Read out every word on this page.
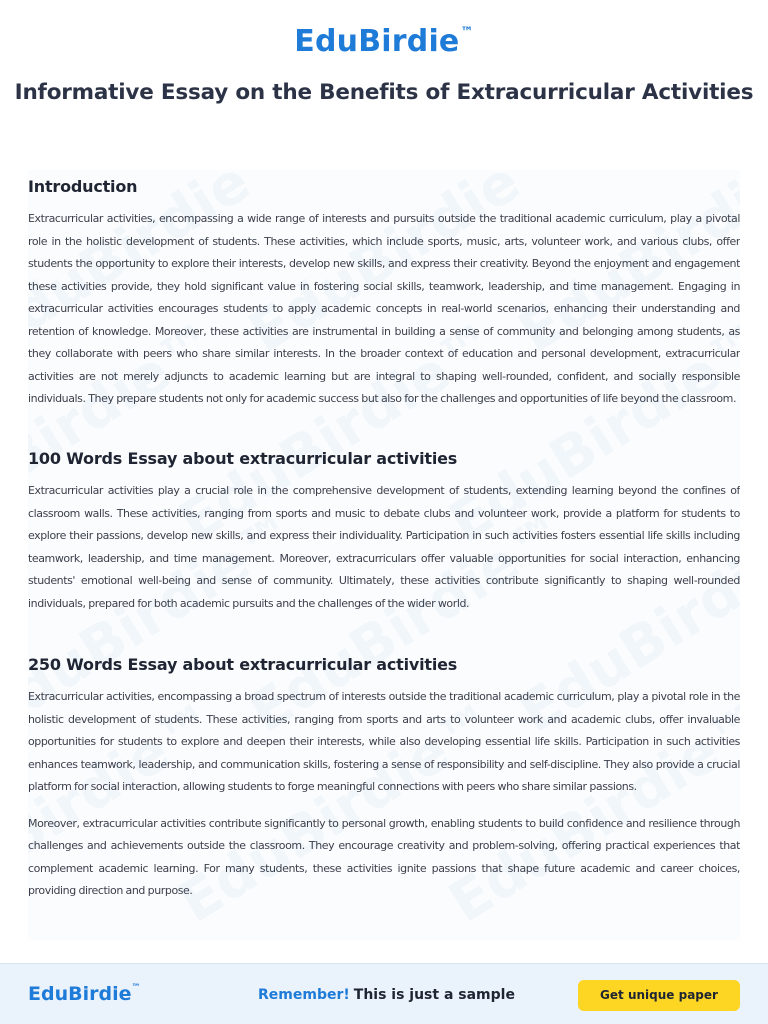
EduBirdie™
Informative Essay on the Benefits of Extracurricular Activities
Introduction

Extracurricular activities, encompassing a wide range of interests and pursuits outside the traditional academic curriculum, play a pivotal role in the holistic development of students. These activities, which include sports, music, arts, volunteer work, and various clubs, offer students the opportunity to explore their interests, develop new skills, and express their creativity. Beyond the enjoyment and engagement these activities provide, they hold significant value in fostering social skills, teamwork, leadership, and time management. Engaging in extracurricular activities encourages students to apply academic concepts in real-world scenarios, enhancing their understanding and retention of knowledge. Moreover, these activities are instrumental in building a sense of community and belonging among students, as they collaborate with peers who share similar interests. In the broader context of education and personal development, extracurricular activities are not merely adjuncts to academic learning but are integral to shaping well-rounded, confident, and socially responsible individuals. They prepare students not only for academic success but also for the challenges and opportunities of life beyond the classroom.

100 Words Essay about extracurricular activities

Extracurricular activities play a crucial role in the comprehensive development of students, extending learning beyond the confines of classroom walls. These activities, ranging from sports and music to debate clubs and volunteer work, provide a platform for students to explore their passions, develop new skills, and express their individuality. Participation in such activities fosters essential life skills including teamwork, leadership, and time management. Moreover, extracurriculars offer valuable opportunities for social interaction, enhancing students' emotional well-being and sense of community. Ultimately, these activities contribute significantly to shaping well-rounded individuals, prepared for both academic pursuits and the challenges of the wider world.

250 Words Essay about extracurricular activities

Extracurricular activities, encompassing a broad spectrum of interests outside the traditional academic curriculum, play a pivotal role in the holistic development of students. These activities, ranging from sports and arts to volunteer work and academic clubs, offer invaluable opportunities for students to explore and deepen their interests, while also developing essential life skills. Participation in such activities enhances teamwork, leadership, and communication skills, fostering a sense of responsibility and self-discipline. They also provide a crucial platform for social interaction, allowing students to forge meaningful connections with peers who share similar passions.

Moreover, extracurricular activities contribute significantly to personal growth, enabling students to build confidence and resilience through challenges and achievements outside the classroom. They encourage creativity and problem-solving, offering practical experiences that complement academic learning. For many students, these activities ignite passions that shape future academic and career choices, providing direction and purpose.

EduBirdie™	Remember! This is just a sample	Get unique paper
